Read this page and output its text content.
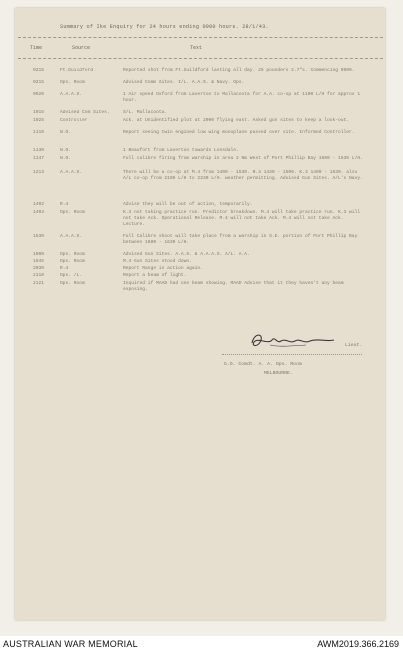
Summary of Ike Enquiry for 24 hours ending 0900 hours. 28/1/43.
Time	Source	Text
0215	Ft.Guildford	Reported shot from Ft.Guildford lasting all day. 25 pounders 2.7"s. Commencing 0900.
0215	Ops. Room	Advised Comm Sites. I/L. A.A.S. & Navy. Ops.
0920	A.A.A.S.	1 Air speed Oxford from Laverton to Mallacoota for A.A. co-op at 1100 L/H for approx 1 hour.
1015	Advised Com Sites.	S/L. Mallacoota.
1025	Controller	Ack. at Unidentified plot at 2000 flying east. Asked gun sites to keep a look-out.
1110	N.O.	Report seeing twin engined low wing monoplane passed over site. Informed Controller.
1130	N.O.	1 Beaufort from Laverton towards Lonsdale.
1147	N.O.	Full calibre firing from warship in area 2 Nm West of Port Phillip Bay 1500 - 1530 L/H.
1213	A.A.A.S.	There will be a co-op at M.4 from 1400 - 1530. R.3 1430 - 1500. K.3 1400 - 1530. also A/L co-op from 2100 L/H to 2230 L/H. weather permitting. Advised Gun Sites. A/L's Navy.
1402	R.4	Advise they will be out of action, temporarily.
1403	Ops. Room	K.3 not taking practice run. Predictor breakdown. M.4 will take practice run. K.3 will not take Ack. Operational Release. M.4 will not take Ack. M.4 will not take Ack. Lecture.
1530	A.A.A.S.	Full Calibre shoot will take place from a warship in S.E. portion of Port Phillip Bay between 1600 - 1630 L/H.
1900	Ops. Room	Advised Gun Sites. A.A.S. & A.A.A.S. A/L. A.A.
1945	Ops. Room	M.4 Gun Sites stood down.
2030	R.4	Report Range is action again.
2110	Ops. /L.	Report a beam of light.
2121	Ops. Room	Inquired if MAAD had one beam showing. MAAD Advise that it they haven't any beam exposing.
Lieut.
G.O. Comdt. A. A. Ops. Room
MELBOURNE.
AUSTRALIAN WAR MEMORIAL	AWM2019.366.2169
